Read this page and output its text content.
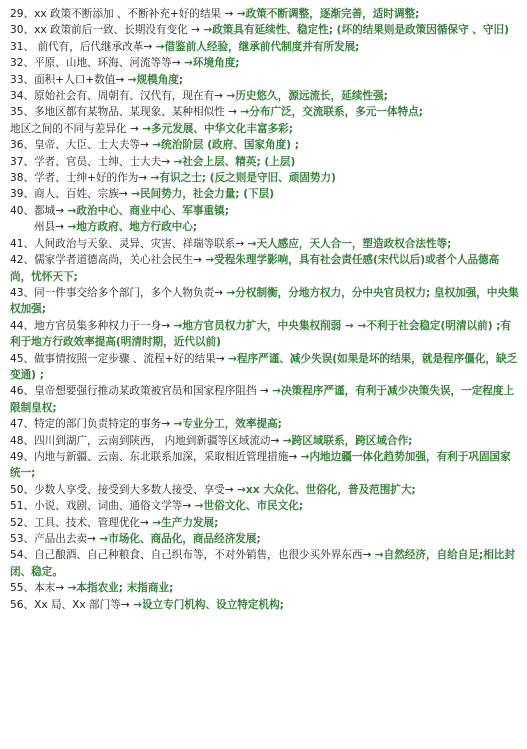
29、xx 政策不断添加 、不断补充+好的结果 → →政策不断调整，逐渐完善，适时调整;

30、xx 政策前后一致、长期没有变化 → →政策具有延续性、稳定性; (坏的结果则是政策因循保守 、守旧)

31、 前代有，后代继承改革→ →借鉴前人经验，继承前代制度并有所发展;

32、平原、山地、环海、河流等等→ →环境角度;

33、面积+人口+数值→ →规模角度;

34、原始社会有、周朝有、汉代有，现在有→ →历史悠久，源远流长，延续性强;

35、多地区都有某物品、某现象、某种相似性 → →分布广泛，交流联系，多元一体特点;

地区之间的不同与差异化 → →多元发展、中华文化丰富多彩;

36、皇帝、大臣、士大夫等→ →统治阶层 (政府、国家角度) ;

37、学者、官员、士绅、士大夫→ →社会上层、精英; (上层)

38、学者、士绅+好的作为→ →有识之士; (反之则是守旧、顽固势力)

39、商人、百姓、宗族→ →民间势力，社会力量; (下层)

40、都城→ →政治中心、商业中心、军事重镇;

州县→ →地方政府、地方行政中心;

41、人间政治与天象、灵异、灾害、祥瑞等联系→ →天人感应，天人合一，塑造政权合法性等;

42、儒家学者道德高尚，关心社会民生→ →受程朱理学影响，具有社会责任感(宋代以后)或者个人品德高尚，忧怀天下;

43、同一件事交给多个部门，多个人物负责→ →分权制衡，分地方权力，分中央官员权力; 皇权加强，中央集权加强;

44、地方官员集多种权力于一身→ →地方官员权力扩大，中央集权削弱 → →不利于社会稳定(明清以前) ;有利于地方行政效率提高(明清时期，近代以前)

45、做事情按照一定步骤 、流程+好的结果→ →程序严谨、减少失误(如果是坏的结果，就是程序僵化，缺乏变通) ;

46、皇帝想要强行推动某政策被官员和国家程序阻挡 → →决策程序严谨，有利于减少决策失误，一定程度上限制皇权;

47、特定的部门负责特定的事务→ →专业分工，效率提高;

48、四川到湖广，云南到陕西， 内地到新疆等区域流动→ →跨区域联系，跨区域合作;

49、内地与新疆、云南、东北联系加深，采取相近管理措施→ →内地边疆一体化趋势加强，有利于巩固国家统一;

50、少数人享受、接受到大多数人接受、享受→ →xx 大众化、世俗化，普及范围扩大;

51、小说、戏剧、词曲、通俗文学等→ →世俗文化、市民文化;

52、工具、技术、管理优化→ →生产力发展;

53、产品出去卖→ →市场化、商品化，商品经济发展;

54、自己酿酒、自己种粮食、自己织布等，不对外销售，也很少买外界东西→ →自然经济，自给自足;相比封闭、稳定。

55、本末→ →本指农业; 末指商业;

56、Xx 局、Xx 部门等→ →设立专门机构、设立特定机构;
